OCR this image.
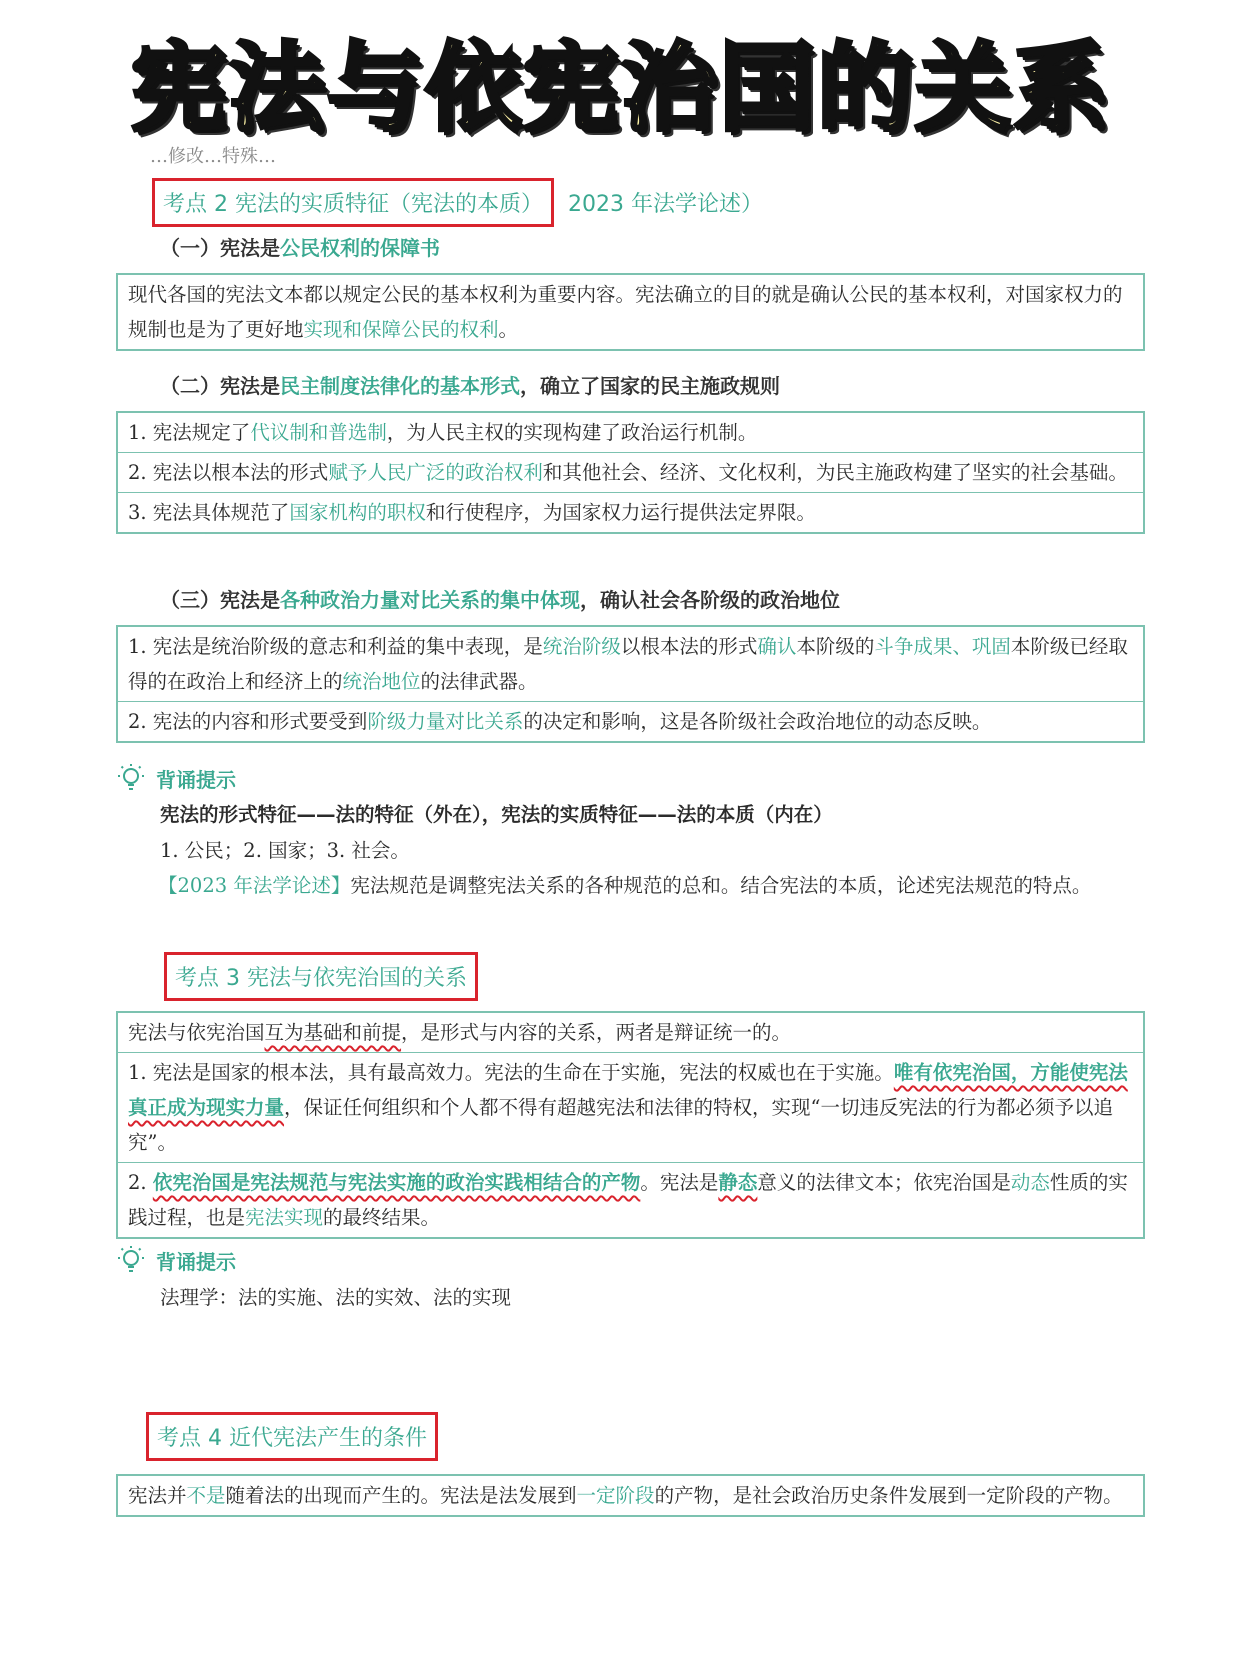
宪法与依宪治国的关系
…修改…特殊…
考点 2 宪法的实质特征（宪法的本质） 2023 年法学论述）
（一）宪法是公民权利的保障书
现代各国的宪法文本都以规定公民的基本权利为重要内容。宪法确立的目的就是确认公民的基本权利，对国家权力的规制也是为了更好地实现和保障公民的权利。
（二）宪法是民主制度法律化的基本形式，确立了国家的民主施政规则
1. 宪法规定了代议制和普选制，为人民主权的实现构建了政治运行机制。
2. 宪法以根本法的形式赋予人民广泛的政治权利和其他社会、经济、文化权利，为民主施政构建了坚实的社会基础。
3. 宪法具体规范了国家机构的职权和行使程序，为国家权力运行提供法定界限。
（三）宪法是各种政治力量对比关系的集中体现，确认社会各阶级的政治地位
1. 宪法是统治阶级的意志和利益的集中表现，是统治阶级以根本法的形式确认本阶级的斗争成果、巩固本阶级已经取得的在政治上和经济上的统治地位的法律武器。
2. 宪法的内容和形式要受到阶级力量对比关系的决定和影响，这是各阶级社会政治地位的动态反映。
背诵提示
宪法的形式特征——法的特征（外在），宪法的实质特征——法的本质（内在）
1. 公民；2. 国家；3. 社会。
【2023 年法学论述】宪法规范是调整宪法关系的各种规范的总和。结合宪法的本质，论述宪法规范的特点。
考点 3 宪法与依宪治国的关系
宪法与依宪治国互为基础和前提，是形式与内容的关系，两者是辩证统一的。
1. 宪法是国家的根本法，具有最高效力。宪法的生命在于实施，宪法的权威也在于实施。唯有依宪治国，方能使宪法真正成为现实力量，保证任何组织和个人都不得有超越宪法和法律的特权，实现“一切违反宪法的行为都必须予以追究”。
2. 依宪治国是宪法规范与宪法实施的政治实践相结合的产物。宪法是静态意义的法律文本；依宪治国是动态性质的实践过程，也是宪法实现的最终结果。
背诵提示
法理学：法的实施、法的实效、法的实现
考点 4 近代宪法产生的条件
宪法并不是随着法的出现而产生的。宪法是法发展到一定阶段的产物，是社会政治历史条件发展到一定阶段的产物。
